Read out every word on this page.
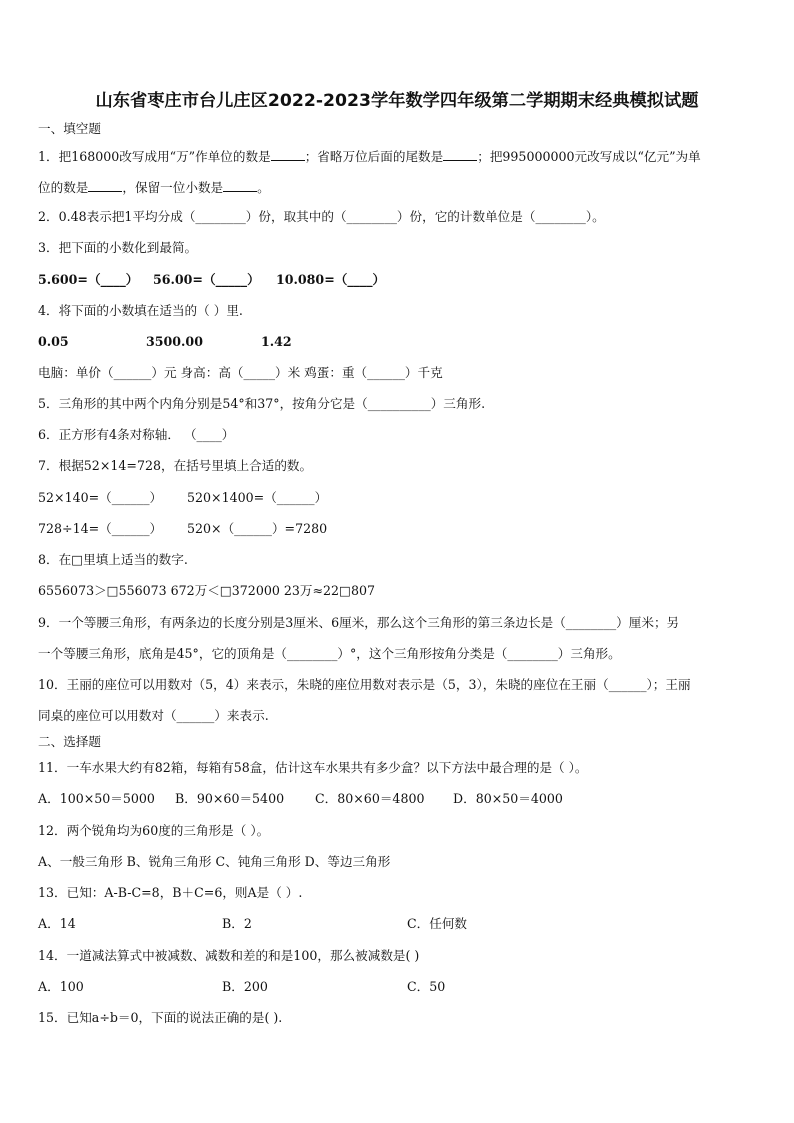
山东省枣庄市台儿庄区2022-2023学年数学四年级第二学期期末经典模拟试题
一、填空题
1．把168000改写成用“万”作单位的数是	；省略万位后面的尾数是	；把995000000元改写成以“亿元”为单
位的数是	，保留一位小数是	。
2．0.48表示把1平均分成（________）份，取其中的（________）份，它的计数单位是（________）。
3．把下面的小数化到最简。
5.600=（____） 56.00=（_____） 10.080=（____）
4．将下面的小数填在适当的（ ）里.
0.05	3500.00	1.42
电脑：单价（______）元 身高：高（_____）米 鸡蛋：重（______）千克
5．三角形的其中两个内角分别是54°和37°，按角分它是（__________）三角形.
6．正方形有4条对称轴． （____）
7．根据52×14=728，在括号里填上合适的数。
52×140=（______） 520×1400=（______）
728÷14=（______） 520×（______）=7280
8．在□里填上适当的数字.
6556073＞□556073 672万＜□372000 23万≈22□807
9．一个等腰三角形，有两条边的长度分别是3厘米、6厘米，那么这个三角形的第三条边长是（________）厘米；另
一个等腰三角形，底角是45°，它的顶角是（________）°，这个三角形按角分类是（________）三角形。
10．王丽的座位可以用数对（5，4）来表示，朱晓的座位用数对表示是（5，3），朱晓的座位在王丽（______）；王丽
同桌的座位可以用数对（______）来表示.
二、选择题
11．一车水果大约有82箱，每箱有58盒，估计这车水果共有多少盒？以下方法中最合理的是（ ）。
A．100×50＝5000 B．90×60＝5400 C．80×60＝4800 D．80×50＝4000
12．两个锐角均为60度的三角形是（ ）。
A、一般三角形 B、锐角三角形 C、钝角三角形 D、等边三角形
13．已知：A-B-C=8，B＋C=6，则A是（ ）.
A．14	B．2	C．任何数
14．一道减法算式中被减数、减数和差的和是100，那么被减数是( )
A．100	B．200	C．50
15．已知a÷b＝0，下面的说法正确的是( ).
